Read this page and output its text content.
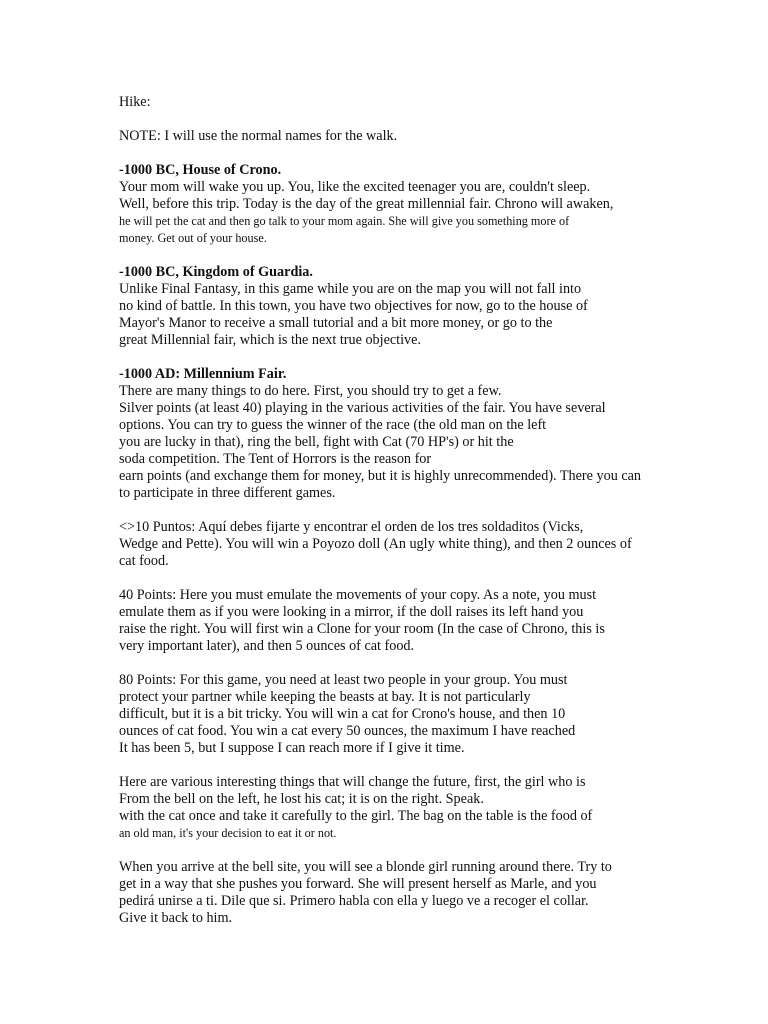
Hike:
NOTE: I will use the normal names for the walk.
-1000 BC, House of Crono.
Your mom will wake you up. You, like the excited teenager you are, couldn't sleep.
Well, before this trip. Today is the day of the great millennial fair. Chrono will awaken,
he will pet the cat and then go talk to your mom again. She will give you something more of
money. Get out of your house.
-1000 BC, Kingdom of Guardia.
Unlike Final Fantasy, in this game while you are on the map you will not fall into
no kind of battle. In this town, you have two objectives for now, go to the house of
Mayor's Manor to receive a small tutorial and a bit more money, or go to the
great Millennial fair, which is the next true objective.
-1000 AD: Millennium Fair.
There are many things to do here. First, you should try to get a few.
Silver points (at least 40) playing in the various activities of the fair. You have several
options. You can try to guess the winner of the race (the old man on the left
you are lucky in that), ring the bell, fight with Cat (70 HP's) or hit the
soda competition. The Tent of Horrors is the reason for
earn points (and exchange them for money, but it is highly unrecommended). There you can
to participate in three different games.
<>10 Puntos: Aquí debes fijarte y encontrar el orden de los tres soldaditos (Vicks,
Wedge and Pette). You will win a Poyozo doll (An ugly white thing), and then 2 ounces of
cat food.
40 Points: Here you must emulate the movements of your copy. As a note, you must
emulate them as if you were looking in a mirror, if the doll raises its left hand you
raise the right. You will first win a Clone for your room (In the case of Chrono, this is
very important later), and then 5 ounces of cat food.
80 Points: For this game, you need at least two people in your group. You must
protect your partner while keeping the beasts at bay. It is not particularly
difficult, but it is a bit tricky. You will win a cat for Crono's house, and then 10
ounces of cat food. You win a cat every 50 ounces, the maximum I have reached
It has been 5, but I suppose I can reach more if I give it time.
Here are various interesting things that will change the future, first, the girl who is
From the bell on the left, he lost his cat; it is on the right. Speak.
with the cat once and take it carefully to the girl. The bag on the table is the food of
an old man, it's your decision to eat it or not.
When you arrive at the bell site, you will see a blonde girl running around there. Try to
get in a way that she pushes you forward. She will present herself as Marle, and you
pedirá unirse a ti. Dile que si. Primero habla con ella y luego ve a recoger el collar.
Give it back to him.
